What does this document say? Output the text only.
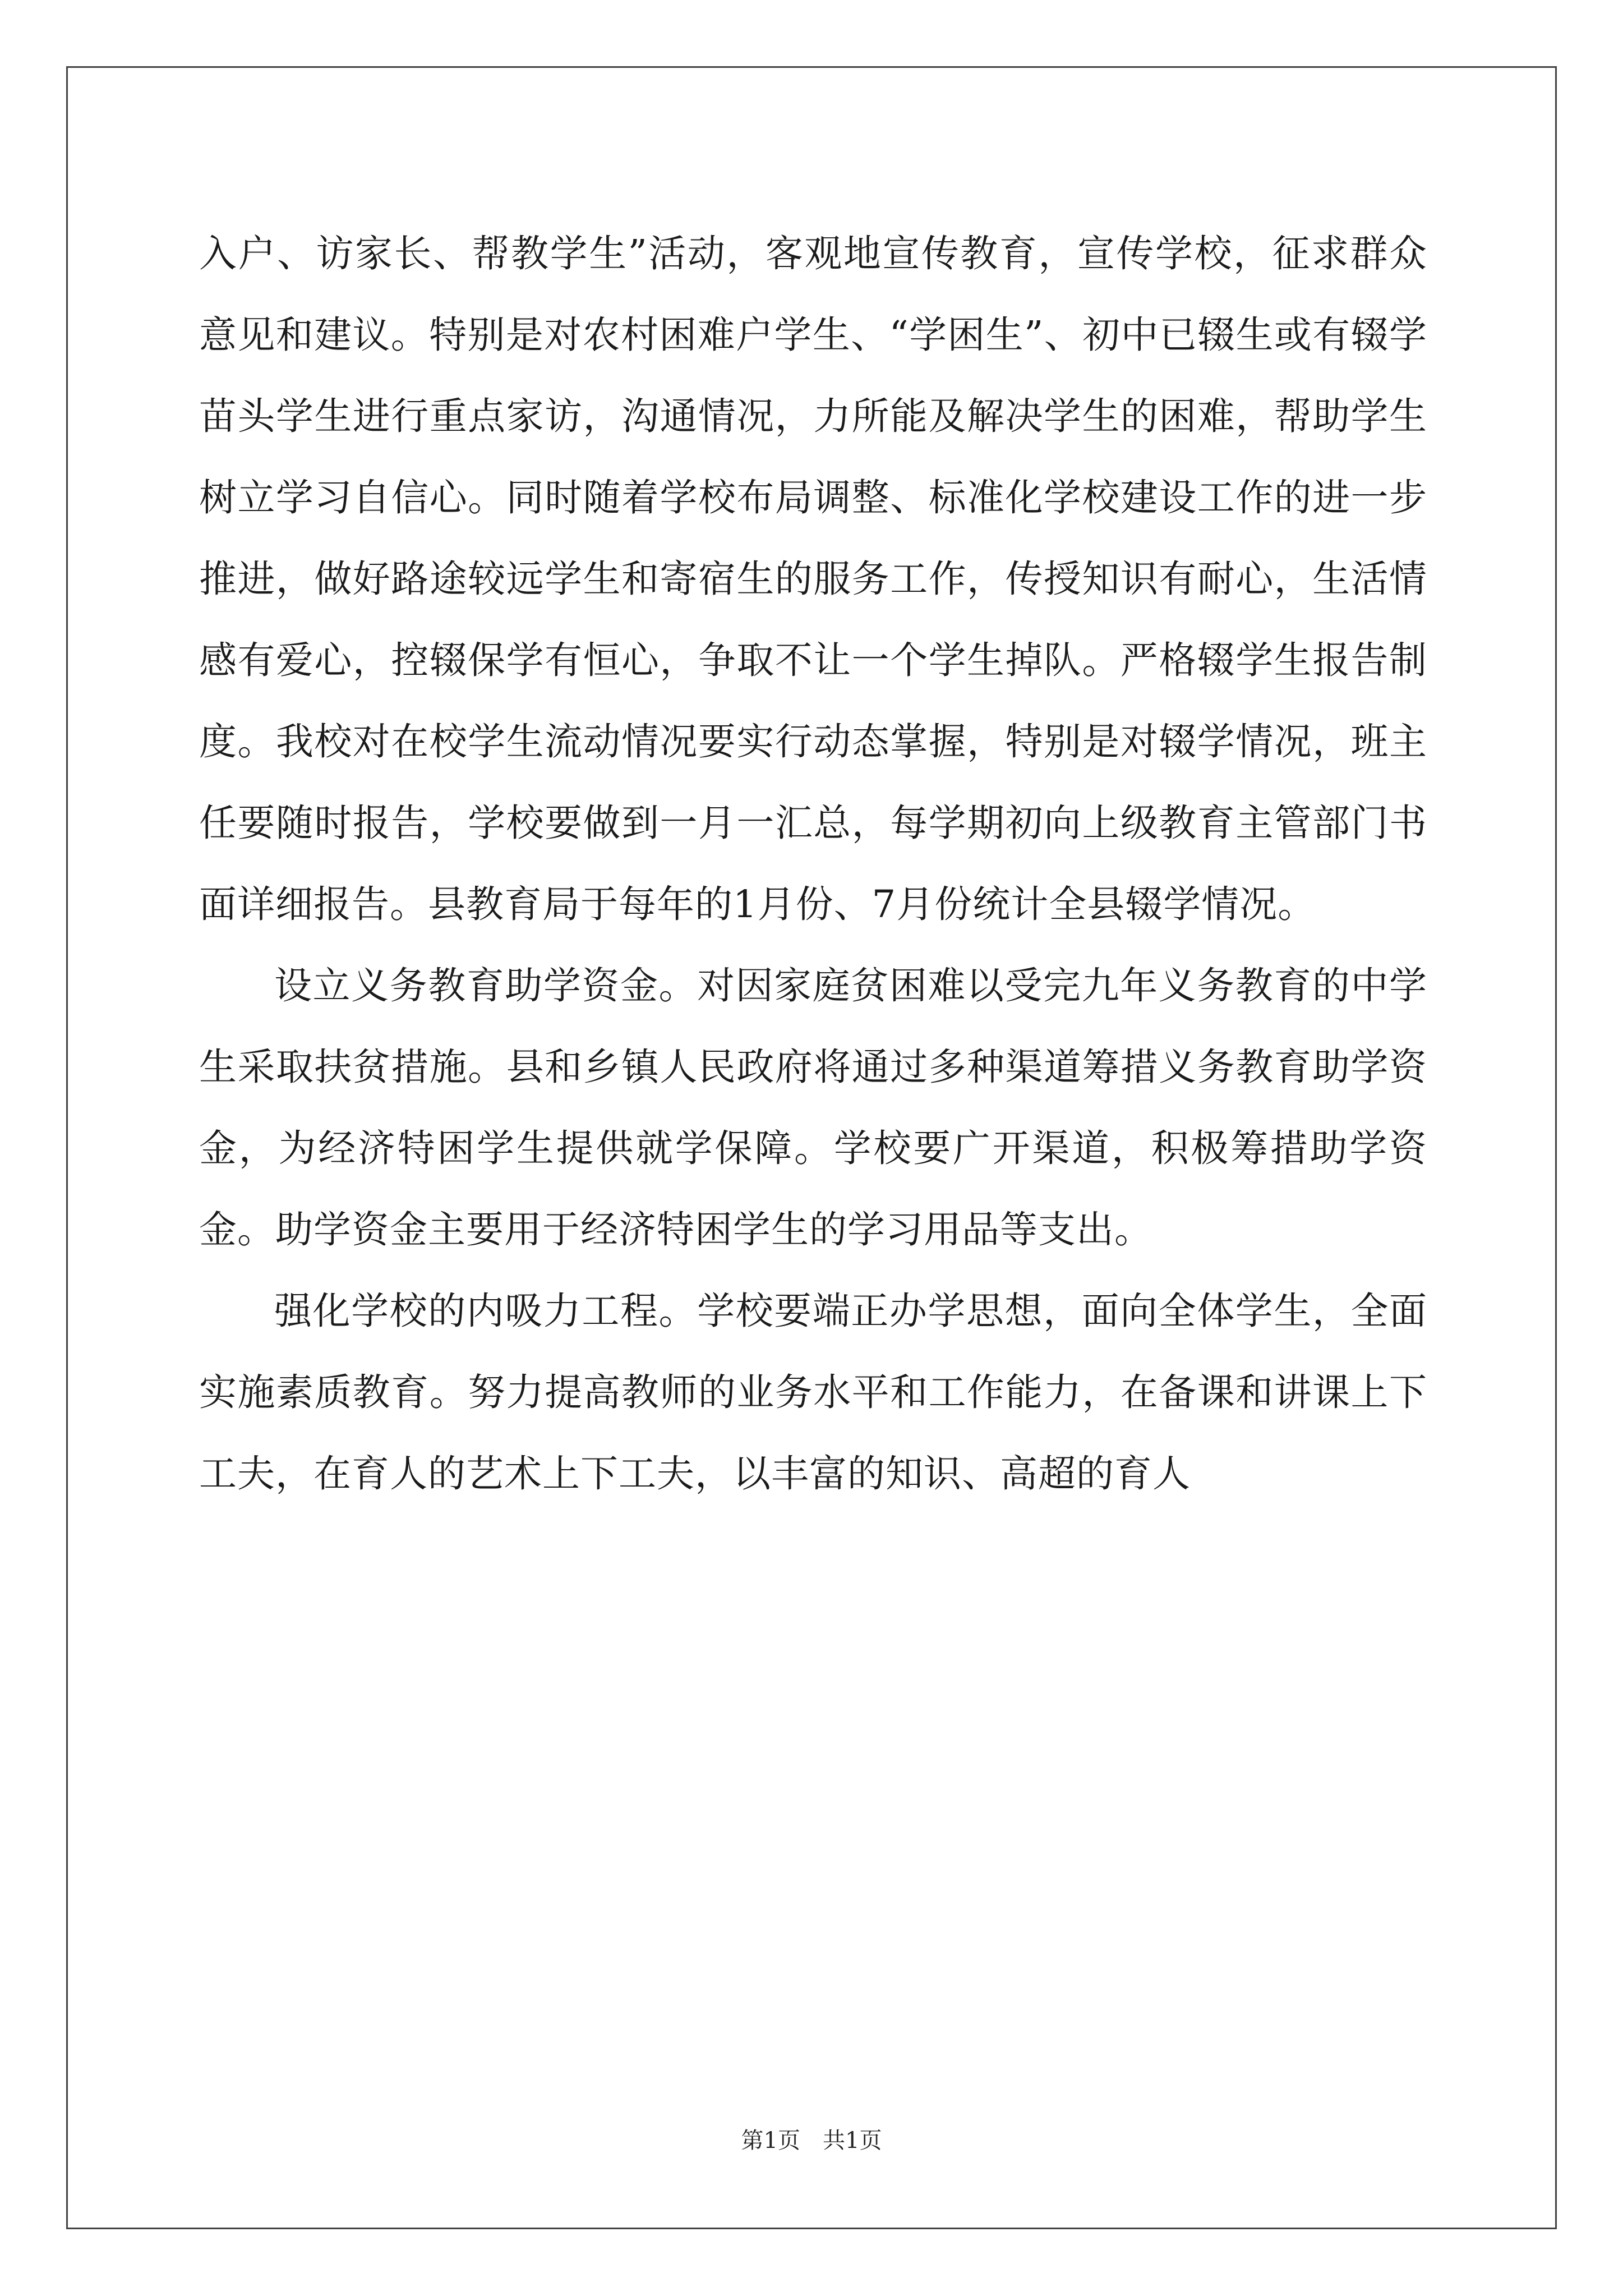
入户、访家长、帮教学生”活动，客观地宣传教育，宣传学校，征求群众意见和建议。特别是对农村困难户学生、“学困生”、初中已辍生或有辍学苗头学生进行重点家访，沟通情况，力所能及解决学生的困难，帮助学生树立学习自信心。同时随着学校布局调整、标准化学校建设工作的进一步推进，做好路途较远学生和寄宿生的服务工作，传授知识有耐心，生活情感有爱心，控辍保学有恒心，争取不让一个学生掉队。严格辍学生报告制度。我校对在校学生流动情况要实行动态掌握，特别是对辍学情况，班主任要随时报告，学校要做到一月一汇总，每学期初向上级教育主管部门书面详细报告。县教育局于每年的1月份、7月份统计全县辍学情况。

设立义务教育助学资金。对因家庭贫困难以受完九年义务教育的中学生采取扶贫措施。县和乡镇人民政府将通过多种渠道筹措义务教育助学资金，为经济特困学生提供就学保障。学校要广开渠道，积极筹措助学资金。助学资金主要用于经济特困学生的学习用品等支出。

强化学校的内吸力工程。学校要端正办学思想，面向全体学生，全面实施素质教育。努力提高教师的业务水平和工作能力，在备课和讲课上下工夫，在育人的艺术上下工夫，以丰富的知识、高超的育人

第1页　共1页
